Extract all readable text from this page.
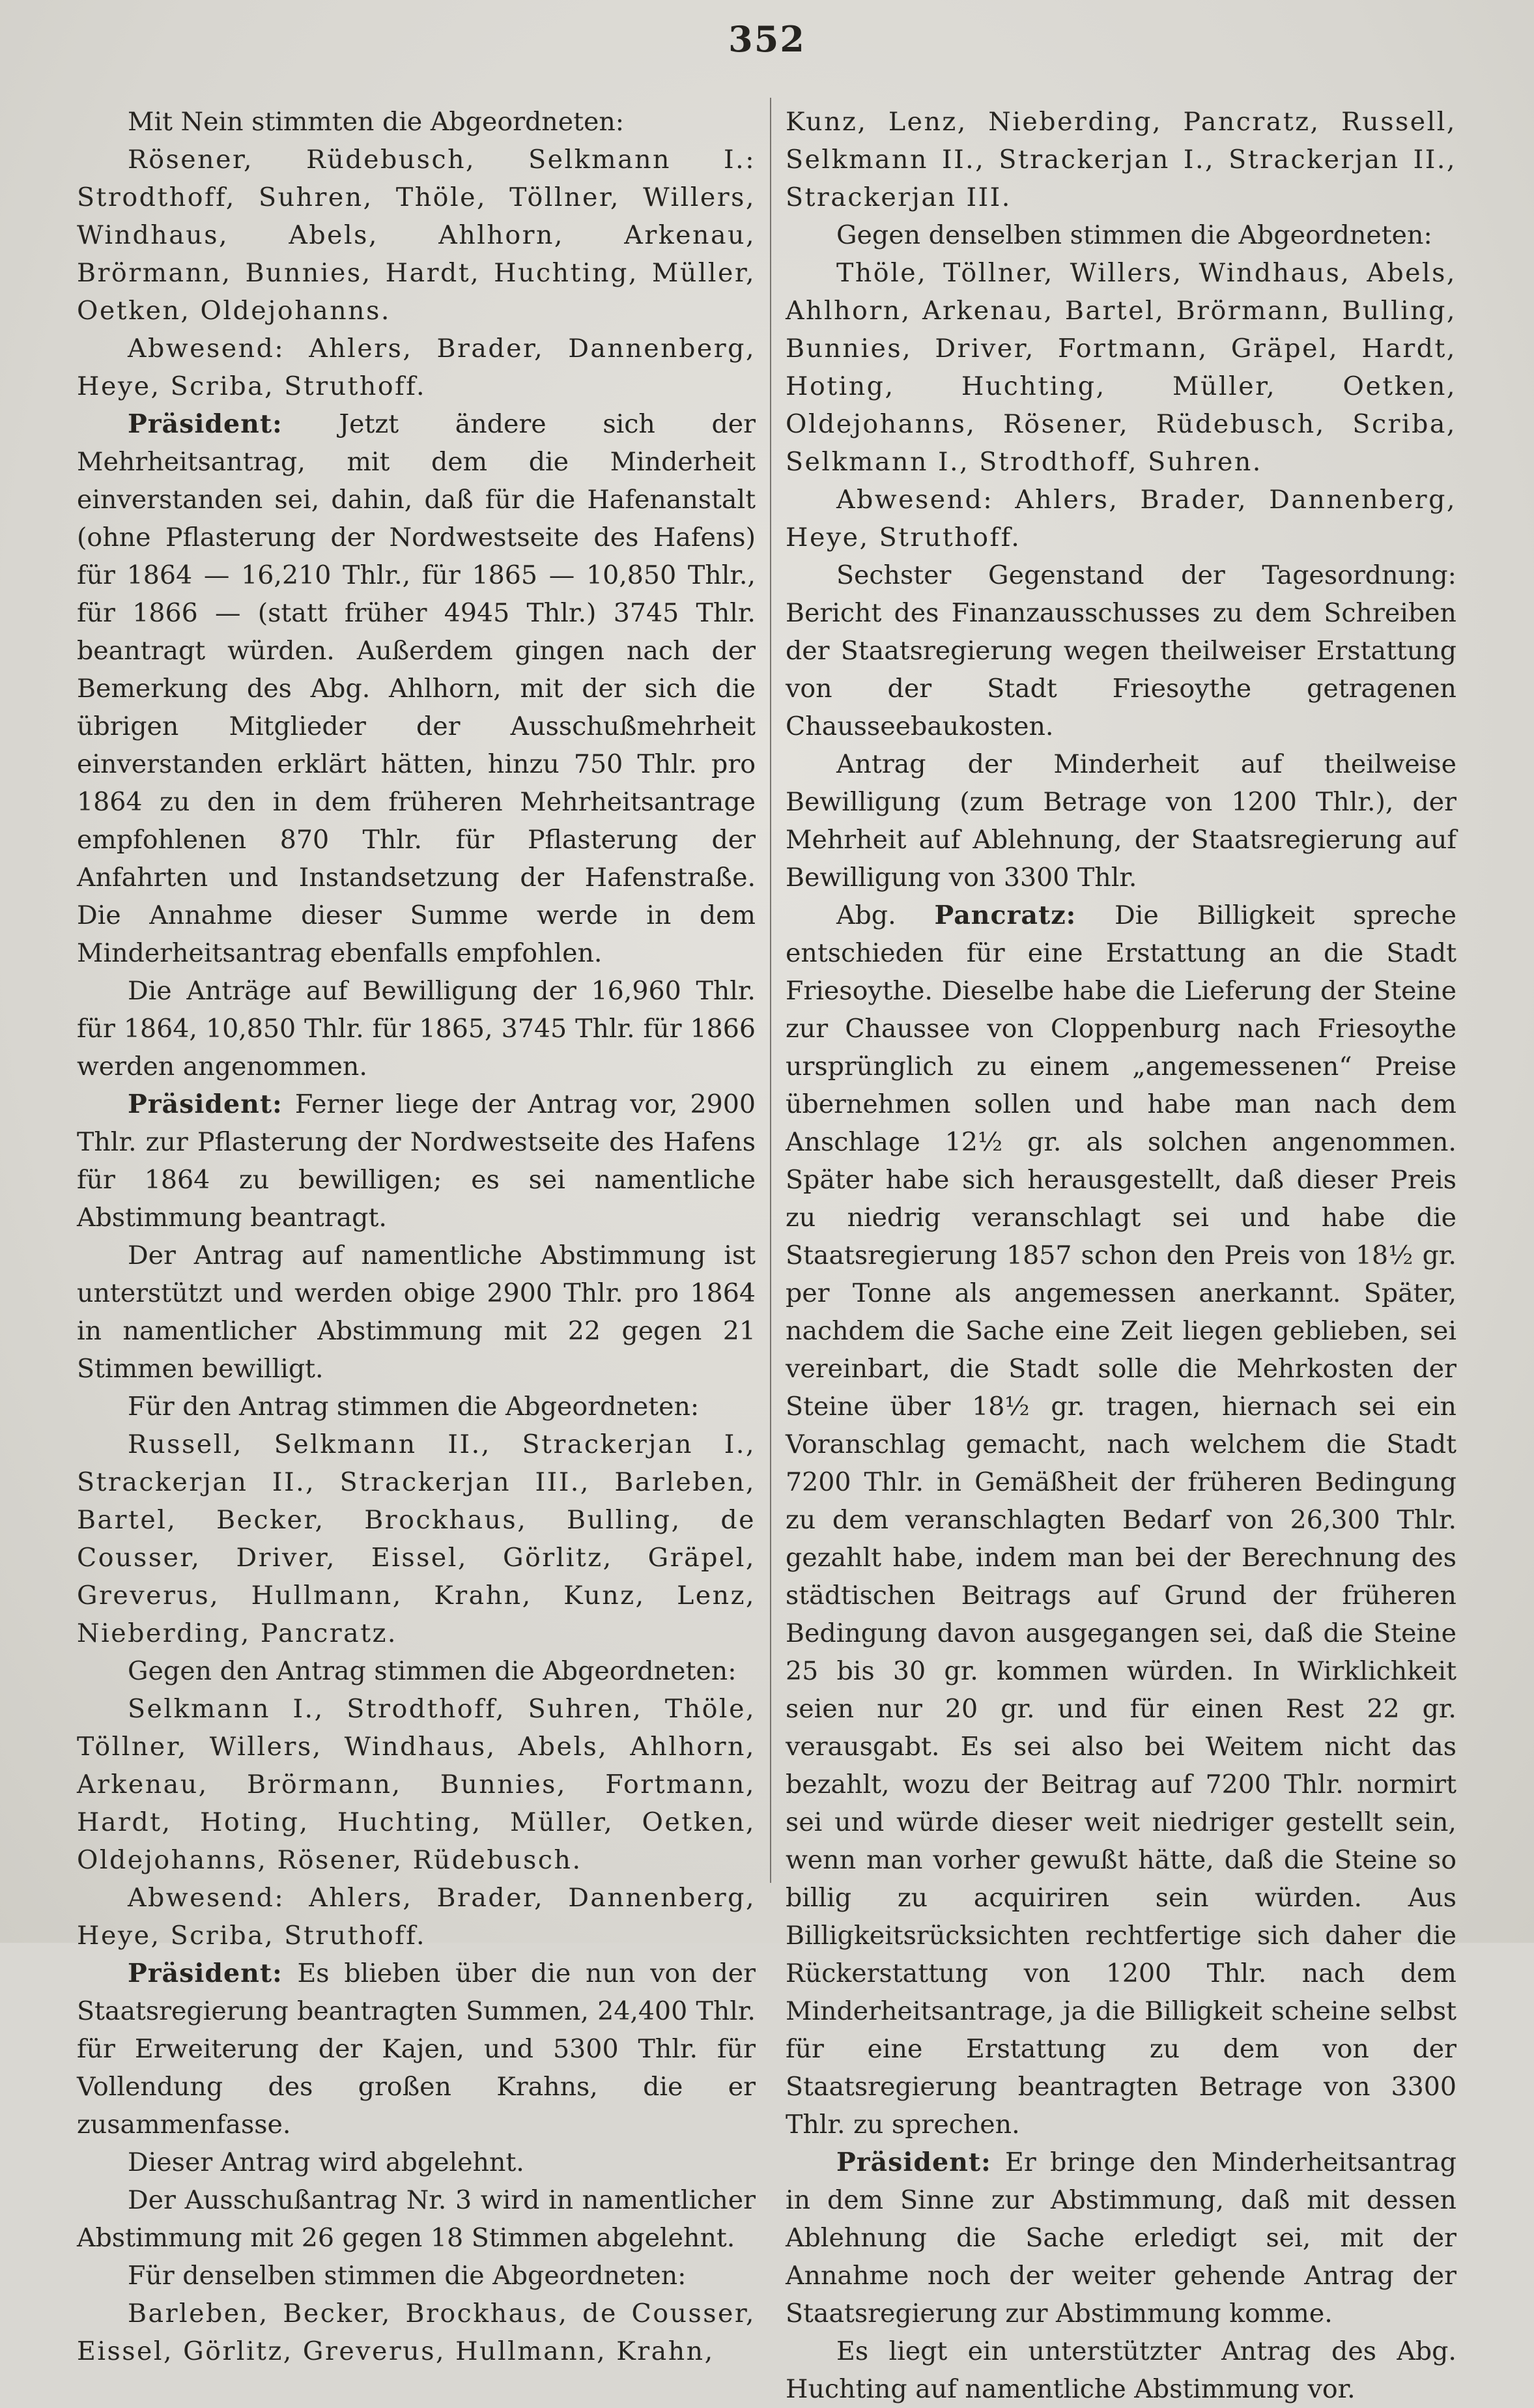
352

Mit Nein stimmten die Abgeordneten:

Rösener, Rüdebusch, Selkmann I.: Strodthoff, Suhren, Thöle, Töllner, Willers, Windhaus, Abels, Ahlhorn, Arkenau, Brörmann, Bunnies, Hardt, Huchting, Müller, Oetken, Oldejohanns.

Abwesend: Ahlers, Brader, Dannenberg, Heye, Scriba, Struthoff.

Präsident: Jetzt ändere sich der Mehrheitsantrag, mit dem die Minderheit einverstanden sei, dahin, daß für die Hafenanstalt (ohne Pflasterung der Nordwestseite des Hafens) für 1864 — 16,210 Thlr., für 1865 — 10,850 Thlr., für 1866 — (statt früher 4945 Thlr.) 3745 Thlr. beantragt würden. Außerdem gingen nach der Bemerkung des Abg. Ahlhorn, mit der sich die übrigen Mitglieder der Ausschußmehrheit einverstanden erklärt hätten, hinzu 750 Thlr. pro 1864 zu den in dem früheren Mehrheitsantrage empfohlenen 870 Thlr. für Pflasterung der Anfahrten und Instandsetzung der Hafenstraße. Die Annahme dieser Summe werde in dem Minderheitsantrag ebenfalls empfohlen.

Die Anträge auf Bewilligung der 16,960 Thlr. für 1864, 10,850 Thlr. für 1865, 3745 Thlr. für 1866 werden angenommen.

Präsident: Ferner liege der Antrag vor, 2900 Thlr. zur Pflasterung der Nordwestseite des Hafens für 1864 zu bewilligen; es sei namentliche Abstimmung beantragt.

Der Antrag auf namentliche Abstimmung ist unterstützt und werden obige 2900 Thlr. pro 1864 in namentlicher Abstimmung mit 22 gegen 21 Stimmen bewilligt.

Für den Antrag stimmen die Abgeordneten:

Russell, Selkmann II., Strackerjan I., Strackerjan II., Strackerjan III., Barleben, Bartel, Becker, Brockhaus, Bulling, de Cousser, Driver, Eissel, Görlitz, Gräpel, Greverus, Hullmann, Krahn, Kunz, Lenz, Nieberding, Pancratz.

Gegen den Antrag stimmen die Abgeordneten:

Selkmann I., Strodthoff, Suhren, Thöle, Töllner, Willers, Windhaus, Abels, Ahlhorn, Arkenau, Brörmann, Bunnies, Fortmann, Hardt, Hoting, Huchting, Müller, Oetken, Oldejohanns, Rösener, Rüdebusch.

Abwesend: Ahlers, Brader, Dannenberg, Heye, Scriba, Struthoff.

Präsident: Es blieben über die nun von der Staatsregierung beantragten Summen, 24,400 Thlr. für Erweiterung der Kajen, und 5300 Thlr. für Vollendung des großen Krahns, die er zusammenfasse.

Dieser Antrag wird abgelehnt.

Der Ausschußantrag Nr. 3 wird in namentlicher Abstimmung mit 26 gegen 18 Stimmen abgelehnt.

Für denselben stimmen die Abgeordneten:

Barleben, Becker, Brockhaus, de Cousser, Eissel, Görlitz, Greverus, Hullmann, Krahn,

Kunz, Lenz, Nieberding, Pancratz, Russell, Selkmann II., Strackerjan I., Strackerjan II., Strackerjan III.

Gegen denselben stimmen die Abgeordneten:

Thöle, Töllner, Willers, Windhaus, Abels, Ahlhorn, Arkenau, Bartel, Brörmann, Bulling, Bunnies, Driver, Fortmann, Gräpel, Hardt, Hoting, Huchting, Müller, Oetken, Oldejohanns, Rösener, Rüdebusch, Scriba, Selkmann I., Strodthoff, Suhren.

Abwesend: Ahlers, Brader, Dannenberg, Heye, Struthoff.

Sechster Gegenstand der Tagesordnung: Bericht des Finanzausschusses zu dem Schreiben der Staatsregierung wegen theilweiser Erstattung von der Stadt Friesoythe getragenen Chausseebaukosten.

Antrag der Minderheit auf theilweise Bewilligung (zum Betrage von 1200 Thlr.), der Mehrheit auf Ablehnung, der Staatsregierung auf Bewilligung von 3300 Thlr.

Abg. Pancratz: Die Billigkeit spreche entschieden für eine Erstattung an die Stadt Friesoythe. Dieselbe habe die Lieferung der Steine zur Chaussee von Cloppenburg nach Friesoythe ursprünglich zu einem „angemessenen“ Preise übernehmen sollen und habe man nach dem Anschlage 12½ gr. als solchen angenommen. Später habe sich herausgestellt, daß dieser Preis zu niedrig veranschlagt sei und habe die Staatsregierung 1857 schon den Preis von 18½ gr. per Tonne als angemessen anerkannt. Später, nachdem die Sache eine Zeit liegen geblieben, sei vereinbart, die Stadt solle die Mehrkosten der Steine über 18½ gr. tragen, hiernach sei ein Voranschlag gemacht, nach welchem die Stadt 7200 Thlr. in Gemäßheit der früheren Bedingung zu dem veranschlagten Bedarf von 26,300 Thlr. gezahlt habe, indem man bei der Berechnung des städtischen Beitrags auf Grund der früheren Bedingung davon ausgegangen sei, daß die Steine 25 bis 30 gr. kommen würden. In Wirklichkeit seien nur 20 gr. und für einen Rest 22 gr. verausgabt. Es sei also bei Weitem nicht das bezahlt, wozu der Beitrag auf 7200 Thlr. normirt sei und würde dieser weit niedriger gestellt sein, wenn man vorher gewußt hätte, daß die Steine so billig zu acquiriren sein würden. Aus Billigkeitsrücksichten rechtfertige sich daher die Rückerstattung von 1200 Thlr. nach dem Minderheitsantrage, ja die Billigkeit scheine selbst für eine Erstattung zu dem von der Staatsregierung beantragten Betrage von 3300 Thlr. zu sprechen.

Präsident: Er bringe den Minderheitsantrag in dem Sinne zur Abstimmung, daß mit dessen Ablehnung die Sache erledigt sei, mit der Annahme noch der weiter gehende Antrag der Staatsregierung zur Abstimmung komme.

Es liegt ein unterstützter Antrag des Abg. Huchting auf namentliche Abstimmung vor.
